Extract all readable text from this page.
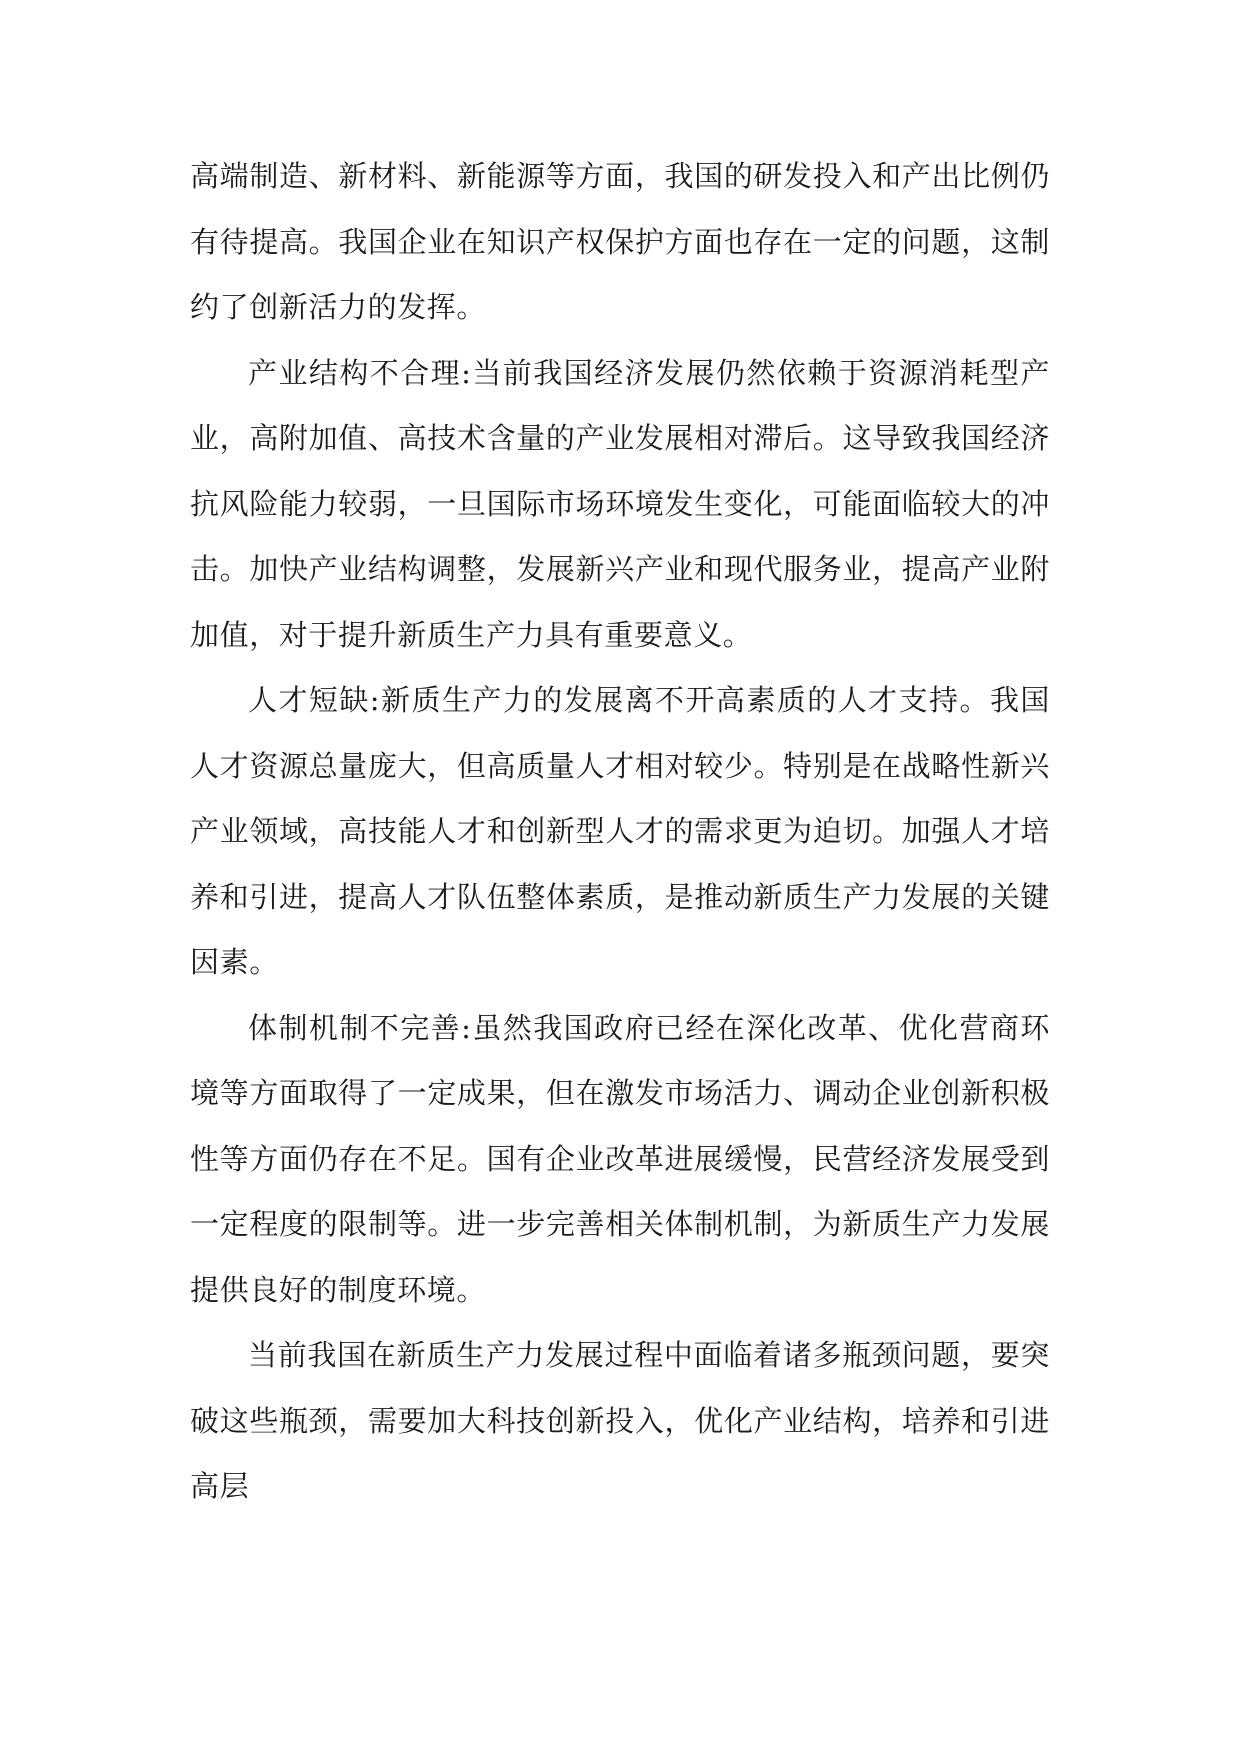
高端制造、新材料、新能源等方面，我国的研发投入和产出比例仍有待提高。我国企业在知识产权保护方面也存在一定的问题，这制约了创新活力的发挥。

产业结构不合理:当前我国经济发展仍然依赖于资源消耗型产业，高附加值、高技术含量的产业发展相对滞后。这导致我国经济抗风险能力较弱，一旦国际市场环境发生变化，可能面临较大的冲击。加快产业结构调整，发展新兴产业和现代服务业，提高产业附加值，对于提升新质生产力具有重要意义。

人才短缺:新质生产力的发展离不开高素质的人才支持。我国人才资源总量庞大，但高质量人才相对较少。特别是在战略性新兴产业领域，高技能人才和创新型人才的需求更为迫切。加强人才培养和引进，提高人才队伍整体素质，是推动新质生产力发展的关键因素。

体制机制不完善:虽然我国政府已经在深化改革、优化营商环境等方面取得了一定成果，但在激发市场活力、调动企业创新积极性等方面仍存在不足。国有企业改革进展缓慢，民营经济发展受到一定程度的限制等。进一步完善相关体制机制，为新质生产力发展提供良好的制度环境。

当前我国在新质生产力发展过程中面临着诸多瓶颈问题，要突破这些瓶颈，需要加大科技创新投入，优化产业结构，培养和引进高层
